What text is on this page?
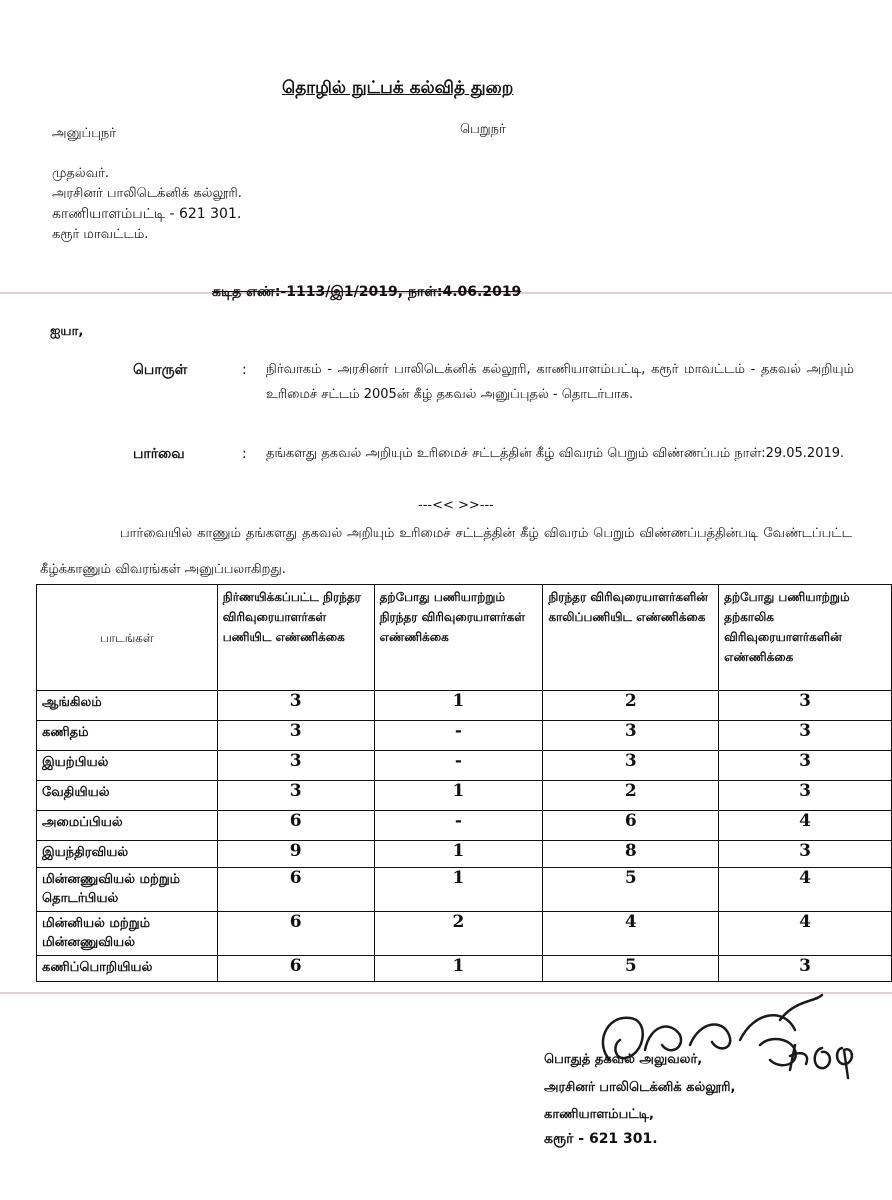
தொழில் நுட்பக் கல்வித் துறை
அனுப்புநர்	பெறுநர்
முதல்வர்.
அரசினர் பாலிடெக்னிக் கல்லூரி.
காணியாளம்பட்டி - 621 301.
கரூர் மாவட்டம்.
கடித எண்:-1113/இ1/2019, நாள்:4.06.2019
ஐயா,
பொருள்	: நிர்வாகம் - அரசினர் பாலிடெக்னிக் கல்லூரி, காணியாளம்பட்டி, கரூர் மாவட்டம் - தகவல் அறியும் உரிமைச் சட்டம் 2005ன் கீழ் தகவல் அனுப்புதல் - தொடர்பாக.
பார்வை	: தங்களது தகவல் அறியும் உரிமைச் சட்டத்தின் கீழ் விவரம் பெறும் விண்ணப்பம் நாள்:29.05.2019.
---<< >>---
பார்வையில் காணும் தங்களது தகவல் அறியும் உரிமைச் சட்டத்தின் கீழ் விவரம் பெறும் விண்ணப்பத்தின்படி வேண்டப்பட்ட கீழ்க்காணும் விவரங்கள் அனுப்பலாகிறது.
பாடங்கள்	நிர்ணயிக்கப்பட்ட நிரந்தர விரிவுரையாளர்கள் பணியிட எண்ணிக்கை	தற்போது பணியாற்றும் நிரந்தர விரிவுரையாளர்கள் எண்ணிக்கை	நிரந்தர விரிவுரையாளர்களின் காலிப்பணியிட எண்ணிக்கை	தற்போது பணியாற்றும் தற்காலிக விரிவுரையாளர்களின் எண்ணிக்கை
ஆங்கிலம்	3	1	2	3
கணிதம்	3	-	3	3
இயற்பியல்	3	-	3	3
வேதியியல்	3	1	2	3
அமைப்பியல்	6	-	6	4
இயந்திரவியல்	9	1	8	3
மின்னணுவியல் மற்றும் தொடர்பியல்	6	1	5	4
மின்னியல் மற்றும் மின்னணுவியல்	6	2	4	4
கணிப்பொறியியல்	6	1	5	3
பொதுத் தகவல் அலுவலர்,
அரசினர் பாலிடெக்னிக் கல்லூரி,
காணியாளம்பட்டி,
கரூர் - 621 301.
